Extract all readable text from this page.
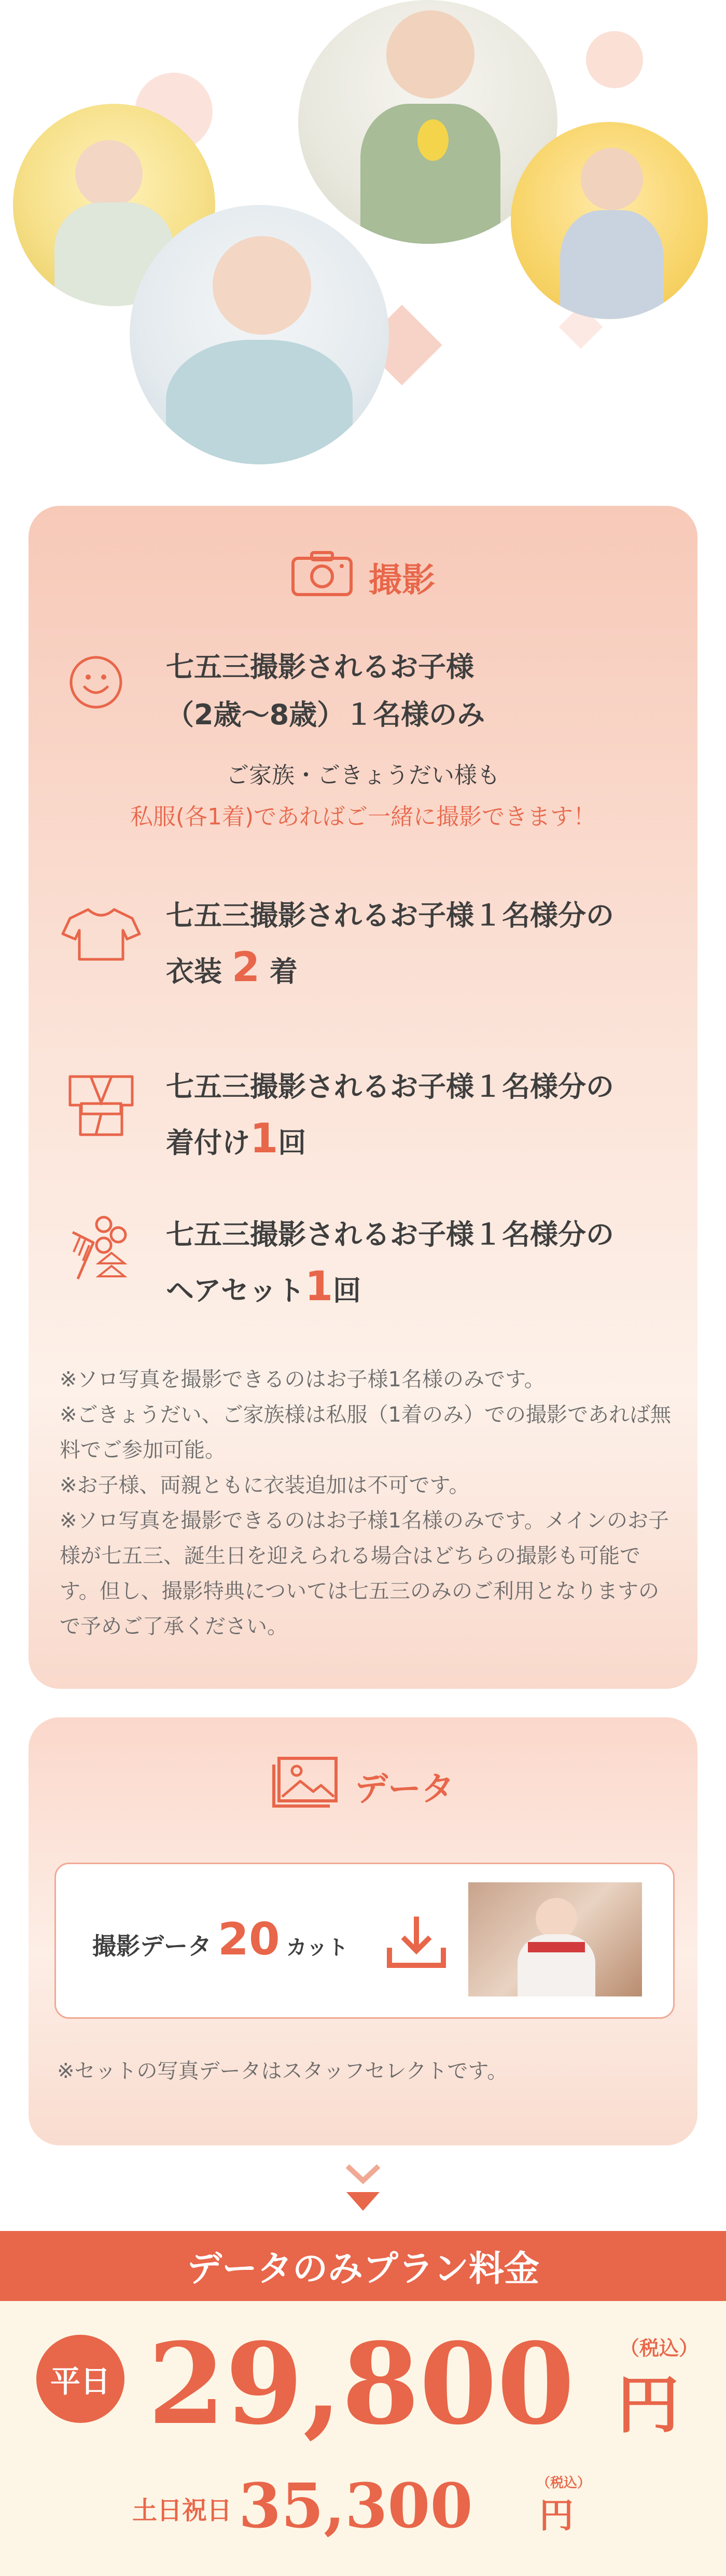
撮影
七五三撮影されるお子様
（2歳〜8歳）１名様のみ
ご家族・ごきょうだい様も
私服(各1着)であればご一緒に撮影できます！
七五三撮影されるお子様１名様分の
衣装 2 着
七五三撮影されるお子様１名様分の
着付け1回
七五三撮影されるお子様１名様分の
ヘアセット1回
※ソロ写真を撮影できるのはお子様1名様のみです。
※ごきょうだい、ご家族様は私服（1着のみ）での撮影であれば無料でご参加可能。
※お子様、両親ともに衣装追加は不可です。
※ソロ写真を撮影できるのはお子様1名様のみです。メインのお子様が七五三、誕生日を迎えられる場合はどちらの撮影も可能です。但し、撮影特典については七五三のみのご利用となりますので予めご了承ください。
データ
撮影データ 20 カット
※セットの写真データはスタッフセレクトです。
データのみプラン料金
平日 29,800 （税込）
円
土日祝日 35,300	（税込）
円
